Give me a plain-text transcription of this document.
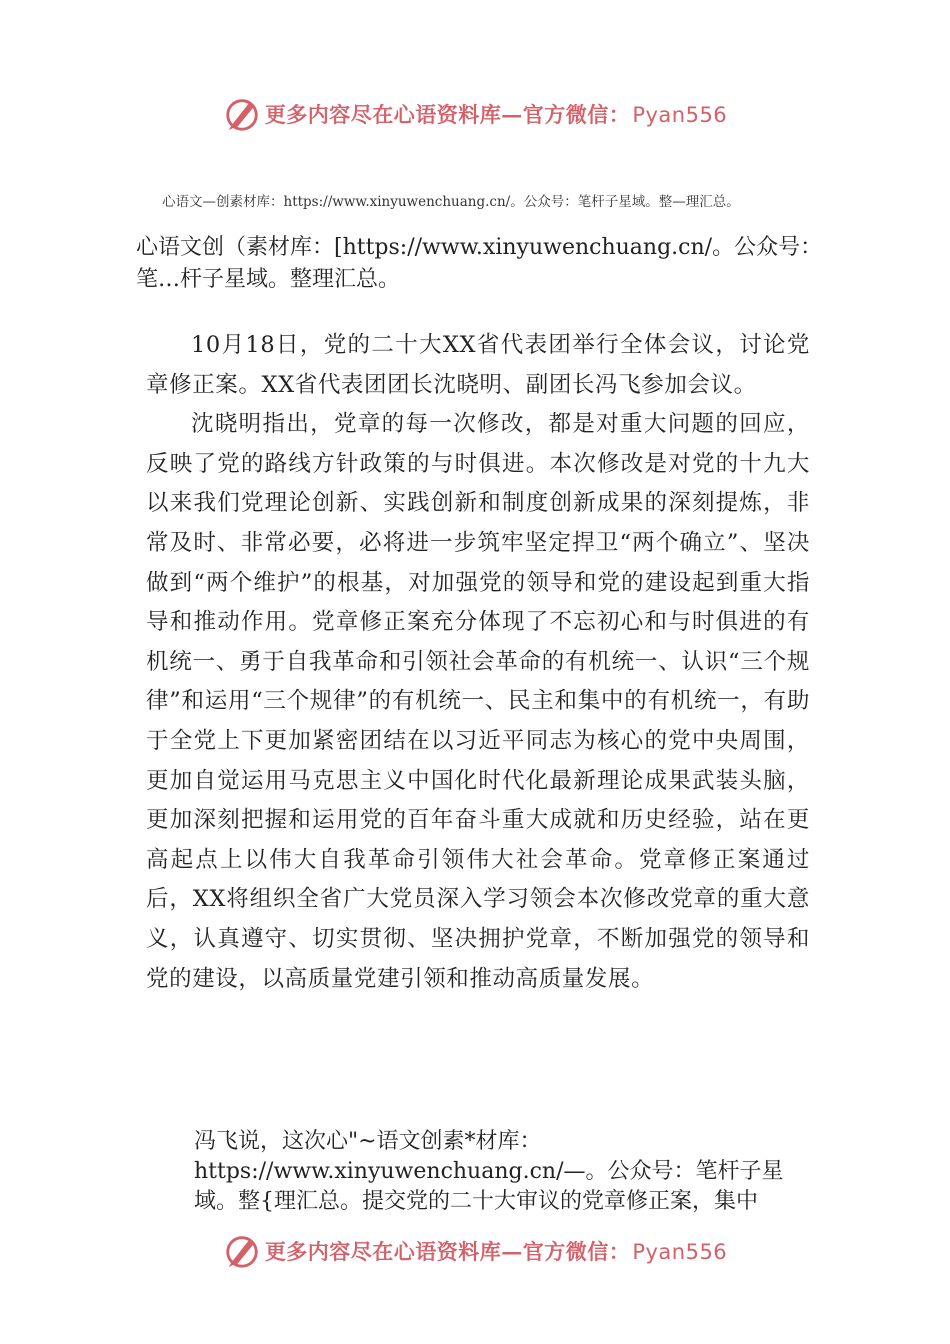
更多内容尽在心语资料库—官方微信：Pyan556
心语文—创素材库：https://www.xinyuwenchuang.cn/。公众号：笔杆子星域。整—理汇总。
心语文创（素材库：[https://www.xinyuwenchuang.cn/。公众号：笔…杆子星域。整理汇总。

10月18日，党的二十大XX省代表团举行全体会议，讨论党章修正案。XX省代表团团长沈晓明、副团长冯飞参加会议。

沈晓明指出，党章的每一次修改，都是对重大问题的回应，反映了党的路线方针政策的与时俱进。本次修改是对党的十九大以来我们党理论创新、实践创新和制度创新成果的深刻提炼，非常及时、非常必要，必将进一步筑牢坚定捍卫“两个确立”、坚决做到“两个维护”的根基，对加强党的领导和党的建设起到重大指导和推动作用。党章修正案充分体现了不忘初心和与时俱进的有机统一、勇于自我革命和引领社会革命的有机统一、认识“三个规律”和运用“三个规律”的有机统一、民主和集中的有机统一，有助于全党上下更加紧密团结在以习近平同志为核心的党中央周围，更加自觉运用马克思主义中国化时代化最新理论成果武装头脑，更加深刻把握和运用党的百年奋斗重大成就和历史经验，站在更高起点上以伟大自我革命引领伟大社会革命。党章修正案通过后，XX将组织全省广大党员深入学习领会本次修改党章的重大意义，认真遵守、切实贯彻、坚决拥护党章，不断加强党的领导和党的建设，以高质量党建引领和推动高质量发展。

冯飞说，这次心"~语文创素*材库：https://www.xinyuwenchuang.cn/—。公众号：笔杆子星域。整{理汇总。提交党的二十大审议的党章修正案，集中
更多内容尽在心语资料库—官方微信：Pyan556
